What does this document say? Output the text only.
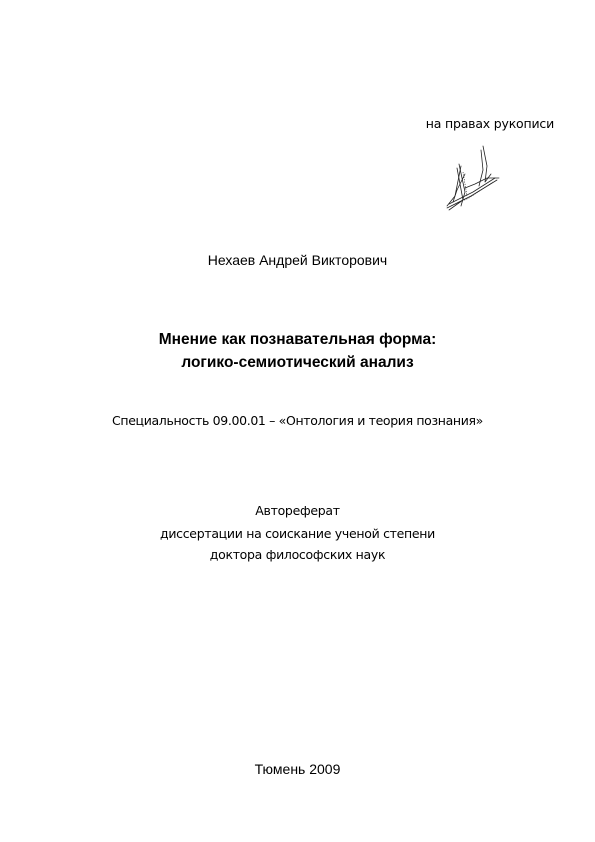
на правах рукописи
Нехаев Андрей Викторович
Мнение как познавательная форма:
логико-семиотический анализ
Специальность 09.00.01 – «Онтология и теория познания»
Автореферат
диссертации на соискание ученой степени
доктора философских наук
Тюмень 2009
